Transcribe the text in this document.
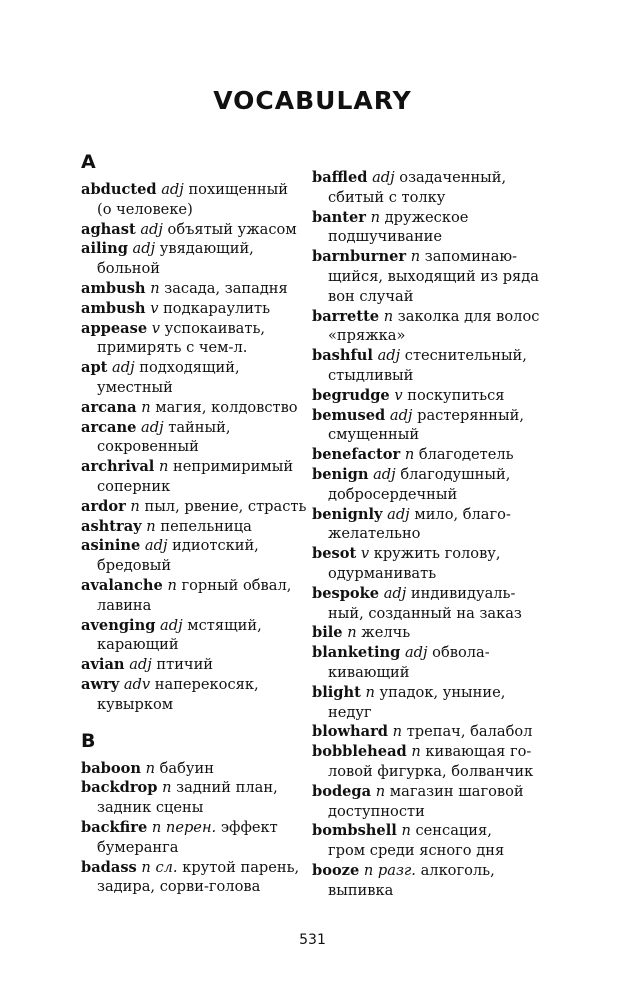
VOCABULARY
A
abducted adj похищенный
(о человеке)
aghast adj объятый ужасом
ailing adj увядающий,
больной
ambush n засада, западня
ambush v подкараулить
appease v успокаивать,
примирять с чем-л.
apt adj подходящий,
уместный
arcana n магия, колдовство
arcane adj тайный,
сокровенный
archrival n непримиримый
соперник
ardor n пыл, рвение, страсть
ashtray n пепельница
asinine adj идиотский,
бредовый
avalanche n горный обвал,
лавина
avenging adj мстящий,
карающий
avian adj птичий
awry adv наперекосяк,
кувырком
B
baboon n бабуин
backdrop n задний план,
задник сцены
backfire n перен. эффект
бумеранга
badass n сл. крутой парень,
задира, сорви-голова
baffled adj озадаченный,
сбитый с толку
banter n дружеское
подшучивание
barnburner n запоминаю-
щийся, выходящий из ряда вон случай
barrette n заколка для волос
«пряжка»
bashful adj стеснительный,
стыдливый
begrudge v поскупиться
bemused adj растерянный,
смущенный
benefactor n благодетель
benign adj благодушный,
добросердечный
benignly adj мило, благо-
желательно
besot v кружить голову,
одурманивать
bespoke adj индивидуаль-
ный, созданный на заказ
bile n желчь
blanketing adj обвола-
кивающий
blight n упадок, уныние,
недуг
blowhard n трепач, балабол
bobblehead n кивающая го-
ловой фигурка, болванчик
bodega n магазин шаговой
доступности
bombshell n сенсация,
гром среди ясного дня
booze n разг. алкоголь,
выпивка
531
